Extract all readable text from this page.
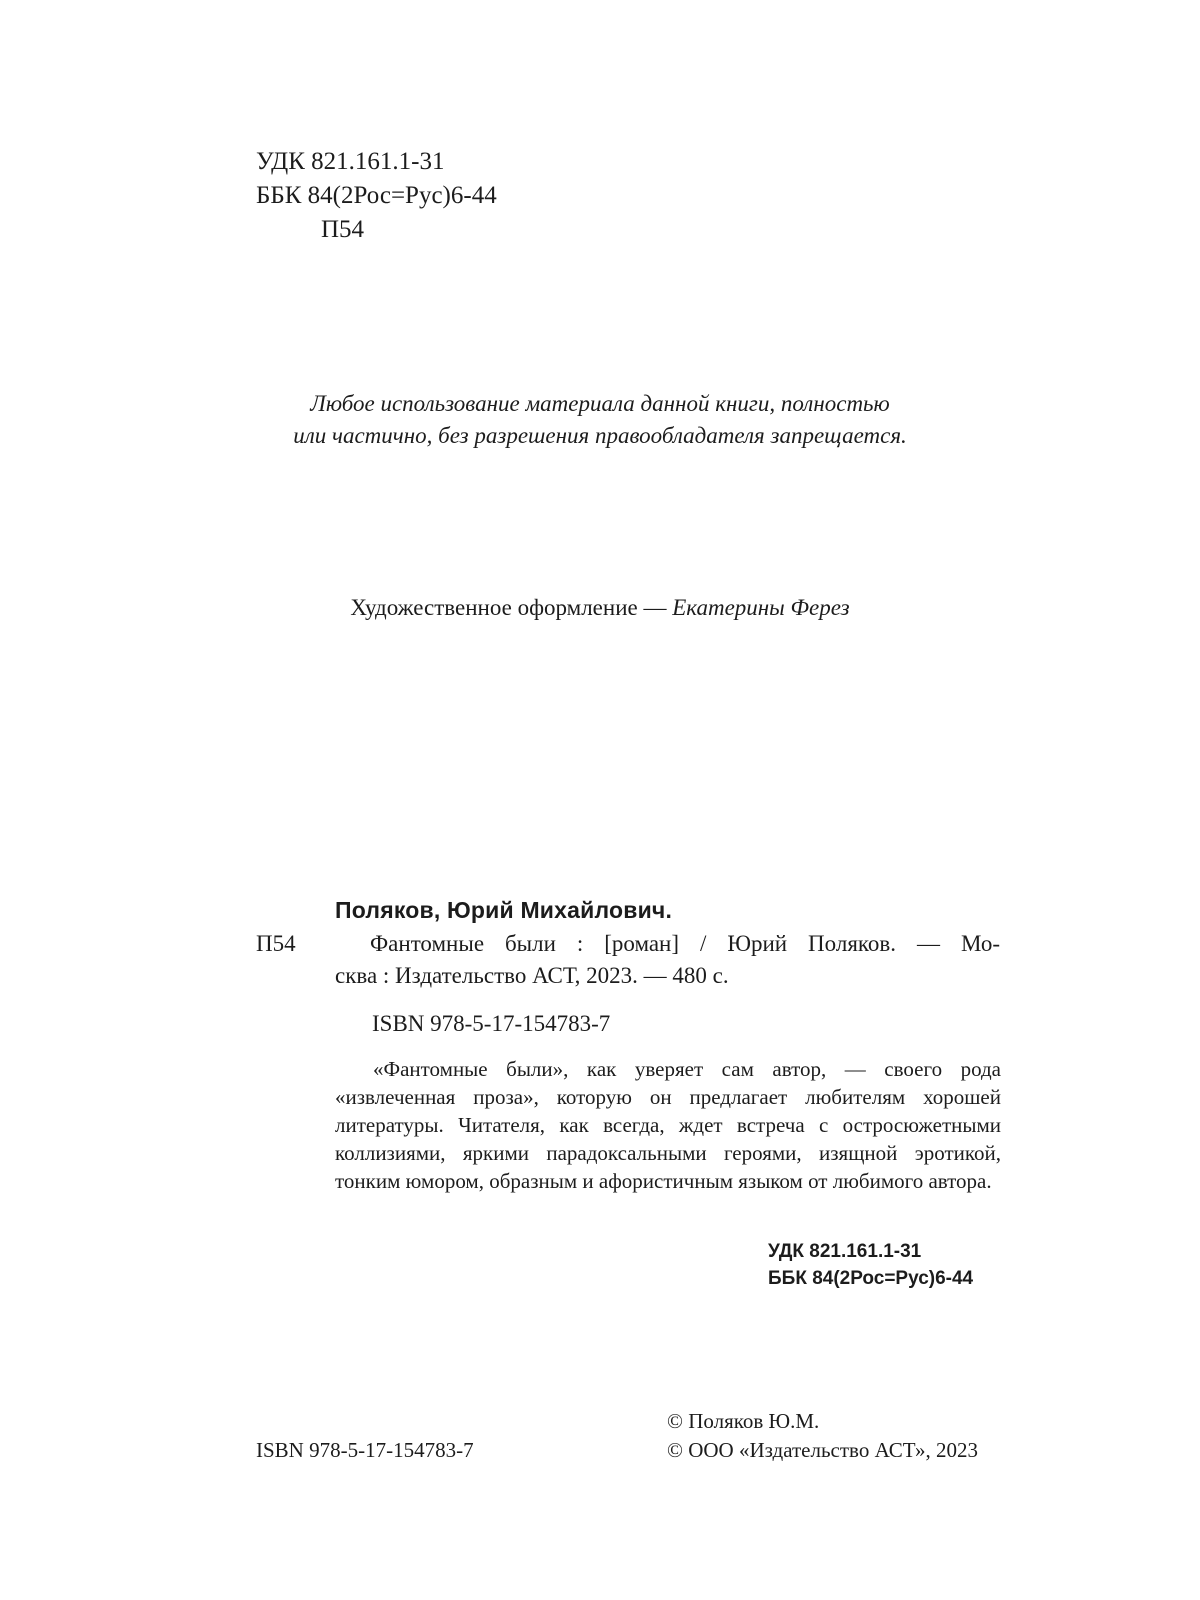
УДК 821.161.1-31
ББК 84(2Рос=Рус)6-44
П54
Любое использование материала данной книги, полностью
или частично, без разрешения правообладателя запрещается.
Художественное оформление — Екатерины Ферез
Поляков, Юрий Михайлович.
П54	Фантомные были : [роман] / Юрий Поляков. — Мо-
сква : Издательство АСТ, 2023. — 480 с.
ISBN 978-5-17-154783-7
«Фантомные были», как уверяет сам автор, — своего рода «извлеченная проза», которую он предлагает любителям хорошей литературы. Читателя, как всегда, ждет встреча с остросюжетными коллизиями, яркими парадоксальными героями, изящной эротикой, тонким юмором, образным и афористичным языком от любимого автора.
УДК 821.161.1-31
ББК 84(2Рос=Рус)6-44
ISBN 978-5-17-154783-7
© Поляков Ю.М.
© ООО «Издательство АСТ», 2023
